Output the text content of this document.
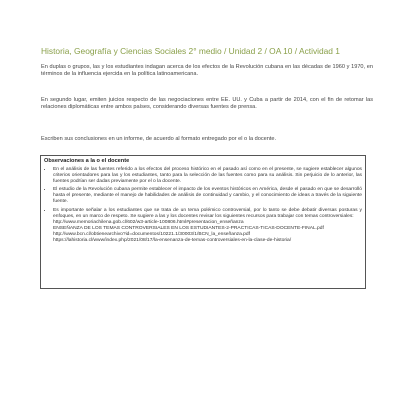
Historia, Geografía y Ciencias Sociales 2° medio / Unidad 2 / OA 10 / Actividad 1
En duplas o grupos, las y los estudiantes indagan acerca de los efectos de la Revolución cubana en las décadas de 1960 y 1970, en términos de la influencia ejercida en la política latinoamericana.
En segundo lugar, emiten juicios respecto de las negociaciones entre EE. UU. y Cuba a partir de 2014, con el fin de retomar las relaciones diplomáticas entre ambos países, considerando diversas fuentes de prensa.
Escriben sus conclusiones en un informe, de acuerdo al formato entregado por el o la docente.
Observaciones a la o el docente
• En el análisis de las fuentes referido a los efectos del proceso histórico en el pasado así como en el presente, se sugiere establecer algunos criterios orientadores para las y los estudiantes, tanto para la selección de las fuentes como para su análisis. Sin perjuicio de lo anterior, las fuentes podrían ser dadas previamente por el o la docente.
• El estudio de la Revolución cubana permite establecer el impacto de los eventos históricos en América, desde el pasado en que se desarrolló hasta el presente, mediante el manejo de habilidades de análisis de continuidad y cambio, y el conocimiento de ideas a través de la siguiente fuente.
• Es importante señalar a los estudiantes que se trata de un tema polémico controversial, por lo tanto se debe debatir diversas posturas y enfoques, en un marco de respeto. Se sugiere a las y los docentes revisar los siguientes recursos para trabajar con temas controversiales:
http://www.memoriachilena.gob.cl/602/w3-article-100806.html#presentacion_enseñanza
ENSEÑANZA DE LOS TEMAS CONTROVERSIALES EN LOS ESTUDIANTES-2-PRACTICAS-TICAS-DOCENTE-FINAL.pdf
http://www.bcn.cl/obtienearchivo?id=documentos/10221.1/30003/1/BCN_la_enseñanza.pdf
https://lahistoria.cl/www/index.php/2021/08/17/la-ensenanza-de-temas-controversiales-en-la-clase-de-historia/
